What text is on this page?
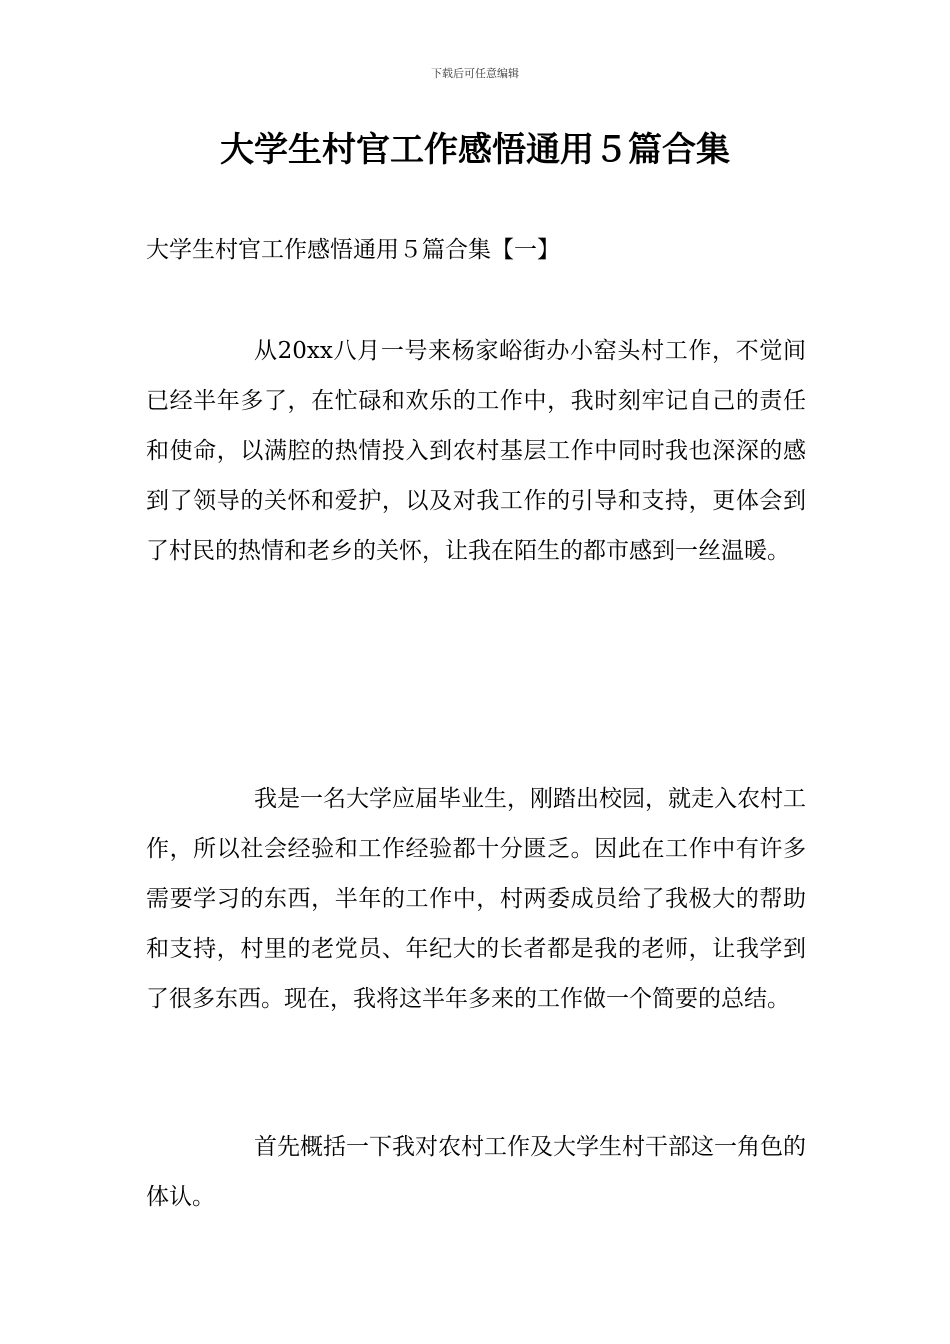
下载后可任意编辑
大学生村官工作感悟通用５篇合集
大学生村官工作感悟通用５篇合集【一】

从20xx八月一号来杨家峪街办小窑头村工作，不觉间已经半年多了，在忙碌和欢乐的工作中，我时刻牢记自己的责任和使命，以满腔的热情投入到农村基层工作中同时我也深深的感到了领导的关怀和爱护，以及对我工作的引导和支持，更体会到了村民的热情和老乡的关怀，让我在陌生的都市感到一丝温暖。

我是一名大学应届毕业生，刚踏出校园，就走入农村工作，所以社会经验和工作经验都十分匮乏。因此在工作中有许多需要学习的东西，半年的工作中，村两委成员给了我极大的帮助和支持，村里的老党员、年纪大的长者都是我的老师，让我学到了很多东西。现在，我将这半年多来的工作做一个简要的总结。

首先概括一下我对农村工作及大学生村干部这一角色的体认。
